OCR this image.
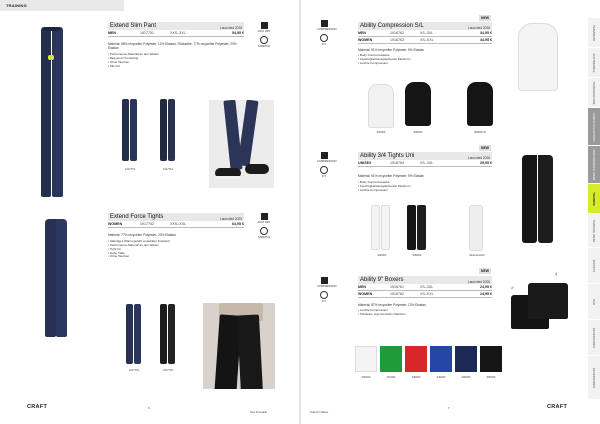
TRAINING
Extend Slim Pant	Launched 2025
MEN	1917751	XXS–3XL	54,95 €
Material: 88% recycelter Polyester, 12% Elastan. Rückseite: 77% recycelter Polyester, 23% Elastan
• Performance-Material an den Waden
• Bequemer Kordelzug
• Ohne Taschen
• Slim Fit
FAST DRY
STRETCH
1917751	1917751
Extend Force Tights	Launched 2025
WOMEN	1917752	XXS–XXL	64,95 €
Material: 77% recycelter Polyester, 23% Elastan
• Ständiges Wärmegefühl verstärkter Kreislauf
• Performance-Material an den Waden
• Tight Fit
• Hohe Taille
• Ohne Taschen
FAST DRY
STRETCH
1917752	1917752
CRAFT	6
Neu Produkte
COMPRESSION
FIT
NEW
Ability Compression S/L	Launched 2026
MEN	1916762	XS–3XL	34,95 €
WOMEN	1916763	XS–XXL	34,95 €
Material: 91% recycelter Polyester, 9% Elastan
• Body-Control-Gewebe
• Feuchtigkeitsausgleichende Passform
• Leichte Kompression
900000	999000	999000 W
COMPRESSION
FIT
NEW
Ability 3/4 Tights Uni	Launched 2026
UNISEX	1916764	XS–3XL	39,95 €
Material: 91% recycelter Polyester, 9% Elastan
• Body-Control-Gewebe
• Feuchtigkeitsausgleichende Passform
• Leichte Kompression
900000	999000	Seitenansicht
COMPRESSION
FIT
NEW
Ability 9" Boxers	Launched 2026
MEN	1916761	XS–3XL	24,95 €
WOMEN	1916762	XS–XXL	24,95 €
Material: 87% recycelter Polyester, 13% Elastan
• Leichte Kompression
• Schlanke, ergonomische Nahtform
♂
♀
900000	415000	430000	346000	396000	999000
Teile Ihr Marke
7	CRAFT
TEAMWEAR
SUSTAINABLE
TEAMWEAR ONE
COACH COLLECTION
PERFORMANCE WEAR
TRAINING
TRAINING WEAR
JACKETS
RUN
ACCESSORIES
ACCESSOIRES
